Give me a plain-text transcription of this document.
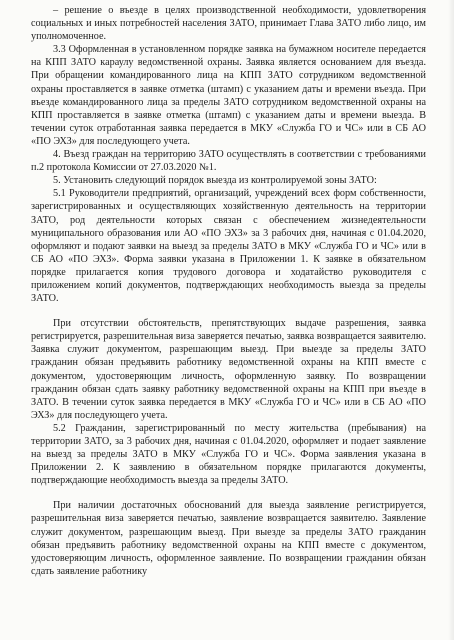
– решение о въезде в целях производственной необходимости, удовлетворения социальных и иных потребностей населения ЗАТО, принимает Глава ЗАТО либо лицо, им уполномоченное.

3.3 Оформленная в установленном порядке заявка на бумажном носителе передается на КПП ЗАТО караулу ведомственной охраны. Заявка является основанием для въезда. При обращении командированного лица на КПП ЗАТО сотрудником ведомственной охраны проставляется в заявке отметка (штамп) с указанием даты и времени въезда. При въезде командированного лица за пределы ЗАТО сотрудником ведомственной охраны на КПП проставляется в заявке отметка (штамп) с указанием даты и времени выезда. В течении суток отработанная заявка передается в МКУ «Служба ГО и ЧС» или в СБ АО «ПО ЭХЗ» для последующего учета.

4. Въезд граждан на территорию ЗАТО осуществлять в соответствии с требованиями п.2 протокола Комиссии от 27.03.2020 №1.

5. Установить следующий порядок выезда из контролируемой зоны ЗАТО:

5.1 Руководители предприятий, организаций, учреждений всех форм собственности, зарегистрированных и осуществляющих хозяйственную деятельность на территории ЗАТО, род деятельности которых связан с обеспечением жизнедеятельности муниципального образования или АО «ПО ЭХЗ» за 3 рабочих дня, начиная с 01.04.2020, оформляют и подают заявки на выезд за пределы ЗАТО в МКУ «Служба ГО и ЧС» или в СБ АО «ПО ЭХЗ». Форма заявки указана в Приложении 1. К заявке в обязательном порядке прилагается копия трудового договора и ходатайство руководителя с приложением копий документов, подтверждающих необходимость выезда за пределы ЗАТО.

При отсутствии обстоятельств, препятствующих выдаче разрешения, заявка регистрируется, разрешительная виза заверяется печатью, заявка возвращается заявителю. Заявка служит документом, разрешающим выезд. При выезде за пределы ЗАТО гражданин обязан предъявить работнику ведомственной охраны на КПП вместе с документом, удостоверяющим личность, оформленную заявку. По возвращении гражданин обязан сдать заявку работнику ведомственной охраны на КПП при въезде в ЗАТО. В течении суток заявка передается в МКУ «Служба ГО и ЧС» или в СБ АО «ПО ЭХЗ» для последующего учета.

5.2 Гражданин, зарегистрированный по месту жительства (пребывания) на территории ЗАТО, за 3 рабочих дня, начиная с 01.04.2020, оформляет и подает заявление на выезд за пределы ЗАТО в МКУ «Служба ГО и ЧС». Форма заявления указана в Приложении 2. К заявлению в обязательном порядке прилагаются документы, подтверждающие необходимость выезда за пределы ЗАТО.

При наличии достаточных обоснований для выезда заявление регистрируется, разрешительная виза заверяется печатью, заявление возвращается заявителю. Заявление служит документом, разрешающим выезд. При выезде за пределы ЗАТО гражданин обязан предъявить работнику ведомственной охраны на КПП вместе с документом, удостоверяющим личность, оформленное заявление. По возвращении гражданин обязан сдать заявление работнику
